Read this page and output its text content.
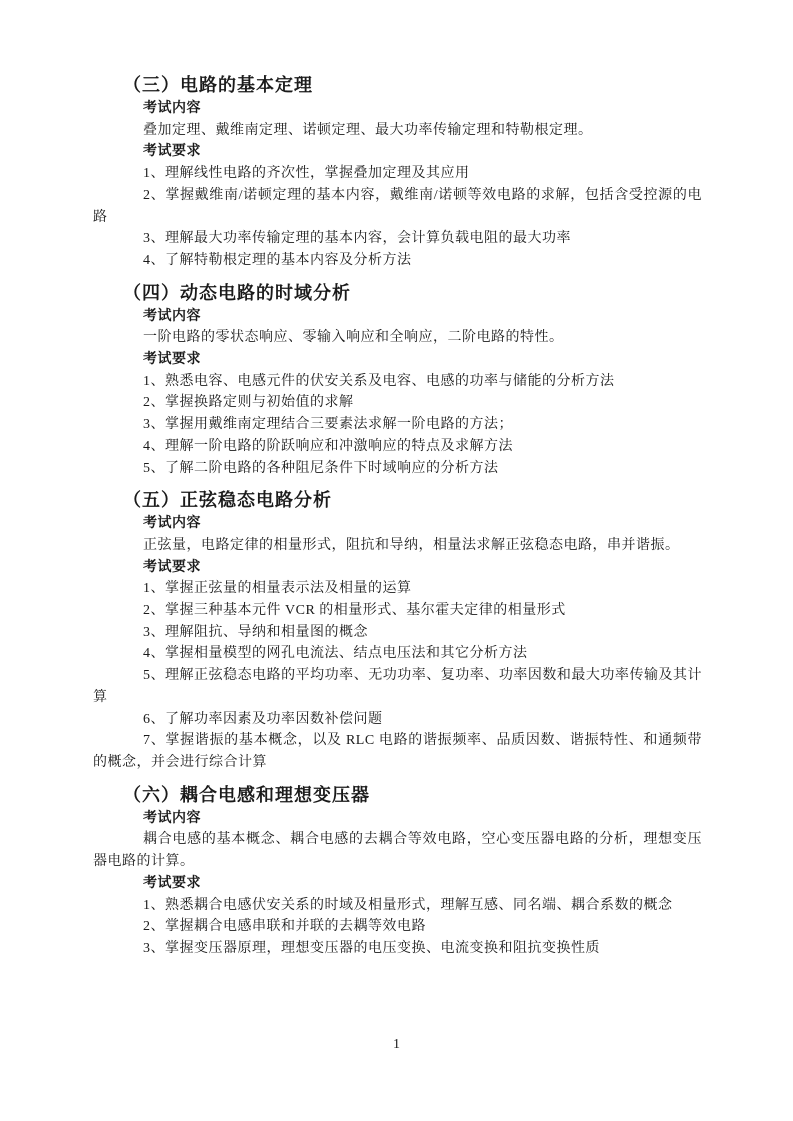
（三）电路的基本定理

考试内容

叠加定理、戴维南定理、诺顿定理、最大功率传输定理和特勒根定理。

考试要求

1、理解线性电路的齐次性，掌握叠加定理及其应用

2、掌握戴维南/诺顿定理的基本内容，戴维南/诺顿等效电路的求解，包括含受控源的电路

3、理解最大功率传输定理的基本内容，会计算负载电阻的最大功率

4、了解特勒根定理的基本内容及分析方法

（四）动态电路的时域分析

考试内容

一阶电路的零状态响应、零输入响应和全响应，二阶电路的特性。

考试要求

1、熟悉电容、电感元件的伏安关系及电容、电感的功率与储能的分析方法

2、掌握换路定则与初始值的求解

3、掌握用戴维南定理结合三要素法求解一阶电路的方法；

4、理解一阶电路的阶跃响应和冲激响应的特点及求解方法

5、了解二阶电路的各种阻尼条件下时域响应的分析方法

（五）正弦稳态电路分析

考试内容

正弦量，电路定律的相量形式，阻抗和导纳，相量法求解正弦稳态电路，串并谐振。

考试要求

1、掌握正弦量的相量表示法及相量的运算

2、掌握三种基本元件 VCR 的相量形式、基尔霍夫定律的相量形式

3、理解阻抗、导纳和相量图的概念

4、掌握相量模型的网孔电流法、结点电压法和其它分析方法

5、理解正弦稳态电路的平均功率、无功功率、复功率、功率因数和最大功率传输及其计算

6、了解功率因素及功率因数补偿问题

7、掌握谐振的基本概念，以及 RLC 电路的谐振频率、品质因数、谐振特性、和通频带的概念，并会进行综合计算

（六）耦合电感和理想变压器

考试内容

耦合电感的基本概念、耦合电感的去耦合等效电路，空心变压器电路的分析，理想变压器电路的计算。

考试要求

1、熟悉耦合电感伏安关系的时域及相量形式，理解互感、同名端、耦合系数的概念

2、掌握耦合电感串联和并联的去耦等效电路

3、掌握变压器原理，理想变压器的电压变换、电流变换和阻抗变换性质

1
